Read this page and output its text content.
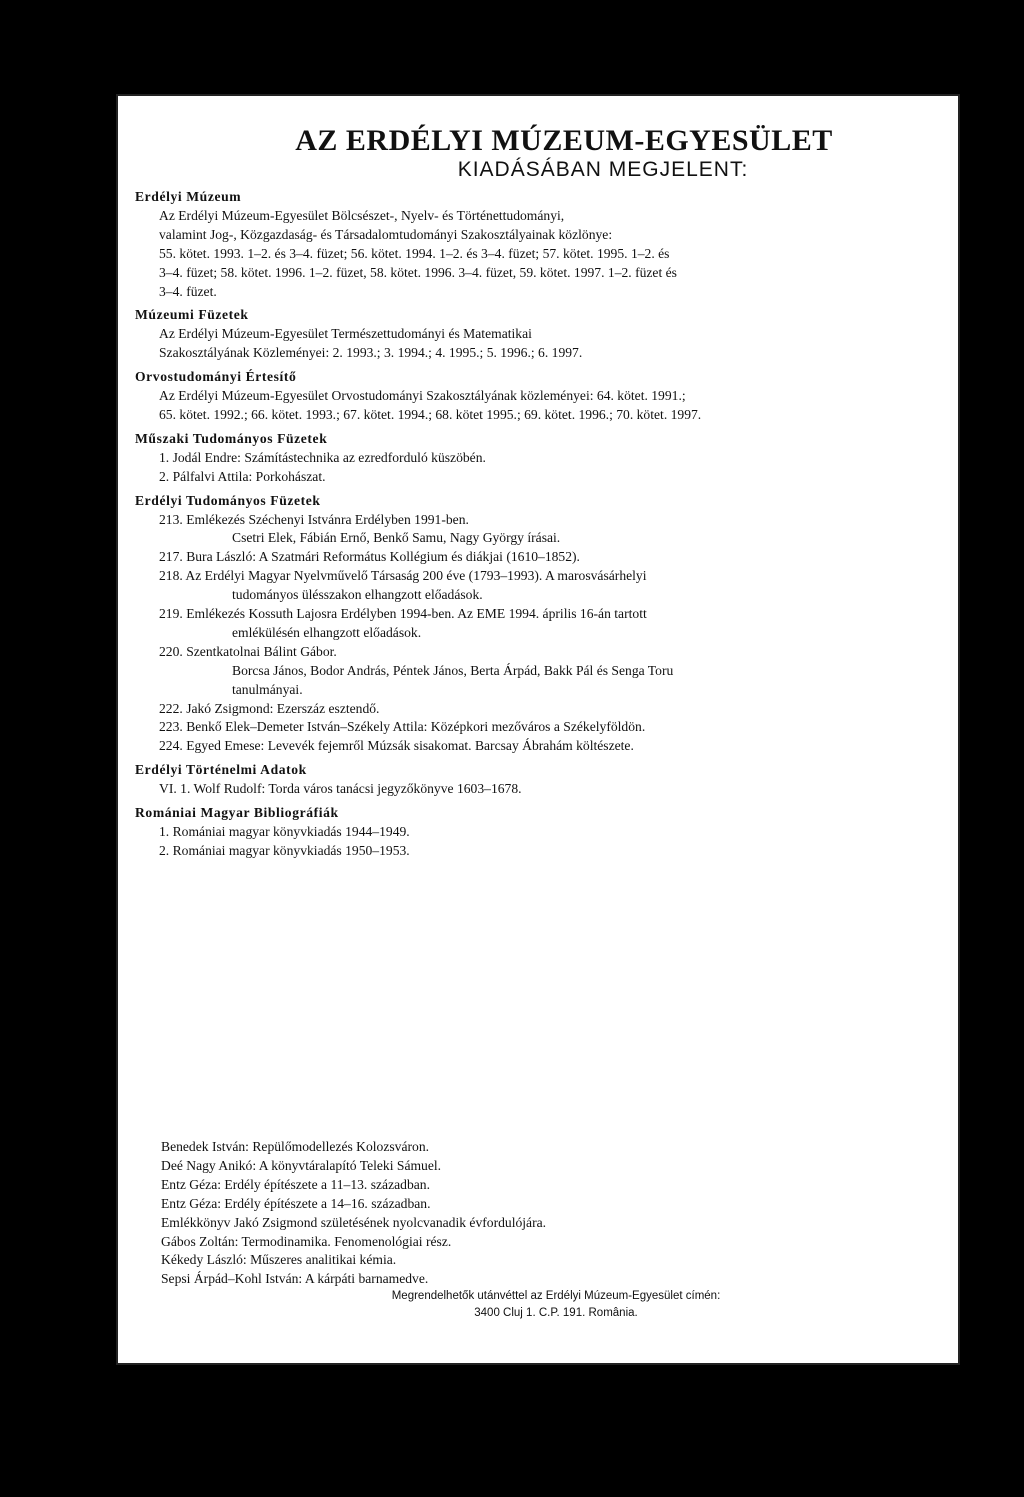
AZ ERDÉLYI MÚZEUM-EGYESÜLET
KIADÁSÁBAN MEGJELENT:
Erdélyi Múzeum
Az Erdélyi Múzeum-Egyesület Bölcsészet-, Nyelv- és Történettudományi,
valamint Jog-, Közgazdaság- és Társadalomtudományi Szakosztályainak közlönye:
55. kötet. 1993. 1–2. és 3–4. füzet; 56. kötet. 1994. 1–2. és 3–4. füzet; 57. kötet. 1995. 1–2. és
3–4. füzet; 58. kötet. 1996. 1–2. füzet, 58. kötet. 1996. 3–4. füzet, 59. kötet. 1997. 1–2. füzet és
3–4. füzet.
Múzeumi Füzetek
Az Erdélyi Múzeum-Egyesület Természettudományi és Matematikai
Szakosztályának Közleményei: 2. 1993.; 3. 1994.; 4. 1995.; 5. 1996.; 6. 1997.
Orvostudományi Értesítő
Az Erdélyi Múzeum-Egyesület Orvostudományi Szakosztályának közleményei: 64. kötet. 1991.;
65. kötet. 1992.; 66. kötet. 1993.; 67. kötet. 1994.; 68. kötet 1995.; 69. kötet. 1996.; 70. kötet. 1997.
Műszaki Tudományos Füzetek
1. Jodál Endre: Számítástechnika az ezredforduló küszöbén.
2. Pálfalvi Attila: Porkohászat.
Erdélyi Tudományos Füzetek
213. Emlékezés Széchenyi Istvánra Erdélyben 1991-ben.
Csetri Elek, Fábián Ernő, Benkő Samu, Nagy György írásai.
217. Bura László: A Szatmári Református Kollégium és diákjai (1610–1852).
218. Az Erdélyi Magyar Nyelvművelő Társaság 200 éve (1793–1993). A marosvásárhelyi
tudományos ülésszakon elhangzott előadások.
219. Emlékezés Kossuth Lajosra Erdélyben 1994-ben. Az EME 1994. április 16-án tartott
emlékülésén elhangzott előadások.
220. Szentkatolnai Bálint Gábor.
Borcsa János, Bodor András, Péntek János, Berta Árpád, Bakk Pál és Senga Toru
tanulmányai.
222. Jakó Zsigmond: Ezerszáz esztendő.
223. Benkő Elek–Demeter István–Székely Attila: Középkori mezőváros a Székelyföldön.
224. Egyed Emese: Levevék fejemről Múzsák sisakomat. Barcsay Ábrahám költészete.
Erdélyi Történelmi Adatok
VI. 1. Wolf Rudolf: Torda város tanácsi jegyzőkönyve 1603–1678.
Romániai Magyar Bibliográfiák
1. Romániai magyar könyvkiadás 1944–1949.
2. Romániai magyar könyvkiadás 1950–1953.
Benedek István: Repülőmodellezés Kolozsváron.
Deé Nagy Anikó: A könyvtáralapító Teleki Sámuel.
Entz Géza: Erdély építészete a 11–13. században.
Entz Géza: Erdély építészete a 14–16. században.
Emlékkönyv Jakó Zsigmond születésének nyolcvanadik évfordulójára.
Gábos Zoltán: Termodinamika. Fenomenológiai rész.
Kékedy László: Műszeres analitikai kémia.
Sepsi Árpád–Kohl István: A kárpáti barnamedve.
Megrendelhetők utánvéttel az Erdélyi Múzeum-Egyesület címén:
3400 Cluj 1. C.P. 191. România.
